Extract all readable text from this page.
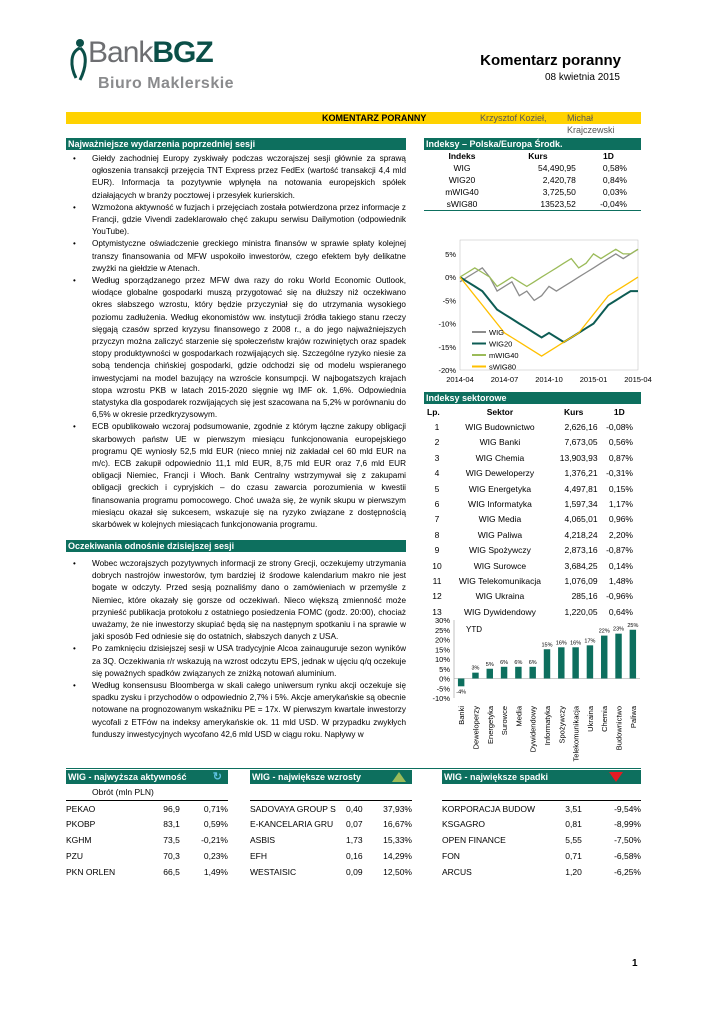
BankBGZ
Biuro Maklerskie
Komentarz poranny
08 kwietnia 2015
KOMENTARZ PORANNY	Krzysztof Kozieł, Michał Krajczewski
Najważniejsze wydarzenia poprzedniej sesji
• Giełdy zachodniej Europy zyskiwały podczas wczorajszej sesji głównie za sprawą ogłoszenia transakcji przejęcia TNT Express przez FedEx (wartość transakcji 4,4 mld EUR). Informacja ta pozytywnie wpłynęła na notowania europejskich spółek działających w branży pocztowej i przesyłek kurierskich.
• Wzmożona aktywność w fuzjach i przejęciach została potwierdzona przez informacje z Francji, gdzie Vivendi zadeklarowało chęć zakupu serwisu Dailymotion (odpowiednik YouTube).
• Optymistyczne oświadczenie greckiego ministra finansów w sprawie spłaty kolejnej transzy finansowania od MFW uspokoiło inwestorów, czego efektem były delikatne zwyżki na giełdzie w Atenach.
• Według sporządzanego przez MFW dwa razy do roku World Economic Outlook, wiodące globalne gospodarki muszą przygotować się na dłuższy niż oczekiwano okres słabszego wzrostu, który będzie przyczyniał się do utrzymania wysokiego poziomu zadłużenia. Według ekonomistów ww. instytucji źródła takiego stanu rzeczy sięgają czasów sprzed kryzysu finansowego z 2008 r., a do jego najważniejszych przyczyn można zaliczyć starzenie się społeczeństw krajów rozwiniętych oraz spadek stopy produktywności w gospodarkach rozwijających się. Szczególne ryzyko niesie za sobą tendencja chińskiej gospodarki, gdzie odchodzi się od modelu wspieranego inwestycjami na model bazujący na wzroście konsumpcji. W najbogatszych krajach stopa wzrostu PKB w latach 2015-2020 sięgnie wg IMF ok. 1,6%. Odpowiednia statystyka dla gospodarek rozwijających się jest szacowana na 5,2% w porównaniu do 6,5% w okresie przedkryzysowym.
• ECB opublikowało wczoraj podsumowanie, zgodnie z którym łączne zakupy obligacji skarbowych państw UE w pierwszym miesiącu funkcjonowania europejskiego programu QE wyniosły 52,5 mld EUR (nieco mniej niż zakładał cel 60 mld EUR na m/c). ECB zakupił odpowiednio 11,1 mld EUR, 8,75 mld EUR oraz 7,6 mld EUR obligacji Niemiec, Francji i Włoch. Bank Centralny wstrzymywał się z zakupami obligacji greckich i cypryjskich – do czasu zawarcia porozumienia w kwestii finansowania programu pomocowego. Choć uważa się, że wynik skupu w pierwszym miesiącu okazał się sukcesem, wskazuje się na ryzyko związane z dostępnością skarbówek w kolejnych miesiącach funkcjonowania programu.
Oczekiwania odnośnie dzisiejszej sesji
• Wobec wczorajszych pozytywnych informacji ze strony Grecji, oczekujemy utrzymania dobrych nastrojów inwestorów, tym bardziej iż środowe kalendarium makro nie jest bogate w odczyty. Przed sesją poznaliśmy dano o zamówieniach w przemyśle z Niemiec, które okazały się gorsze od oczekiwań. Nieco większą zmienność może przynieść publikacja protokołu z ostatniego posiedzenia FOMC (godz. 20:00), chociaż uważamy, że nie inwestorzy skupiać będą się na następnym spotkaniu i na sprawie w jaki sposób Fed odniesie się do ostatnich, słabszych danych z USA.
• Po zamknięciu dzisiejszej sesji w USA tradycyjnie Alcoa zainauguruje sezon wyników za 3Q. Oczekiwania r/r wskazują na wzrost odczytu EPS, jednak w ujęciu q/q oczekuje się poważnych spadków związanych ze zniżką notowań aluminium.
• Według konsensusu Bloomberga w skali całego uniwersum rynku akcji oczekuje się spadku zysku i przychodów o odpowiednio 2,7% i 5%. Akcje amerykańskie są obecnie notowane na prognozowanym wskaźniku PE = 17x. W pierwszym kwartale inwestorzy wycofali z ETFów na indeksy amerykańskie ok. 11 mld USD. W przypadku zwykłych funduszy inwestycyjnych wycofano 42,6 mld USD w ciągu roku. Napływy w
Indeksy – Polska/Europa Środk.
Indeks	Kurs	1D
WIG	54,490,95	0,58%
WIG20	2,420,78	0,84%
mWIG40	3,725,50	0,03%
sWIG80	13523,52	-0,04%

5%
0%
-5%
-10%
-15%
-20%
2014-04 2014-07 2014-10 2015-01 2015-04
WIG
WIG20
mWIG40
sWIG80
Indeksy sektorowe
Lp.	Sektor	Kurs	1D
1	WIG Budownictwo	2,626,16	-0,08%
2	WIG Banki	7,673,05	0,56%
3	WIG Chemia	13,903,93	0,87%
4	WIG Deweloperzy	1,376,21	-0,31%
5	WIG Energetyka	4,497,81	0,15%
6	WIG Informatyka	1,597,34	1,17%
7	WIG Media	4,065,01	0,96%
8	WIG Paliwa	4,218,24	2,20%
9	WIG Spożywczy	2,873,16	-0,87%
10	WIG Surowce	3,684,25	0,14%
11	WIG Telekomunikacja	1,076,09	1,48%
12	WIG Ukraina	285,16	-0,96%
13	WIG Dywidendowy	1,220,05	0,64%
30%
25%
20%
15%
10%
5%
0%
-5%
-10%
YTD
-4%
Banki
3%
Deweloperzy
5%
Energetyka
6%
Surowce
6%
Media
6%
Dywidendowy
15%
Informatyka
16%
Spożywczy
16%
Telekomunikacja
17%
Ukraina
22%
Chemia
23%
Budownictwo
25%
Paliwa
WIG - najwyższa aktywność ↻
Obrót (mln PLN)
PEKAO	96,9	0,71%
PKOBP	83,1	0,59%
KGHM	73,5	-0,21%
PZU	70,3	0,23%
PKN ORLEN	66,5	1,49%
WIG - największe wzrosty
SADOVAYA GROUP S	0,40	37,93%
E-KANCELARIA GRU	0,07	16,67%
ASBIS	1,73	15,33%
EFH	0,16	14,29%
WESTAISIC	0,09	12,50%
WIG - największe spadki
KORPORACJA BUDOW	3,51	-9,54%
KSGAGRO	0,81	-8,99%
OPEN FINANCE	5,55	-7,50%
FON	0,71	-6,58%
ARCUS	1,20	-6,25%
1
